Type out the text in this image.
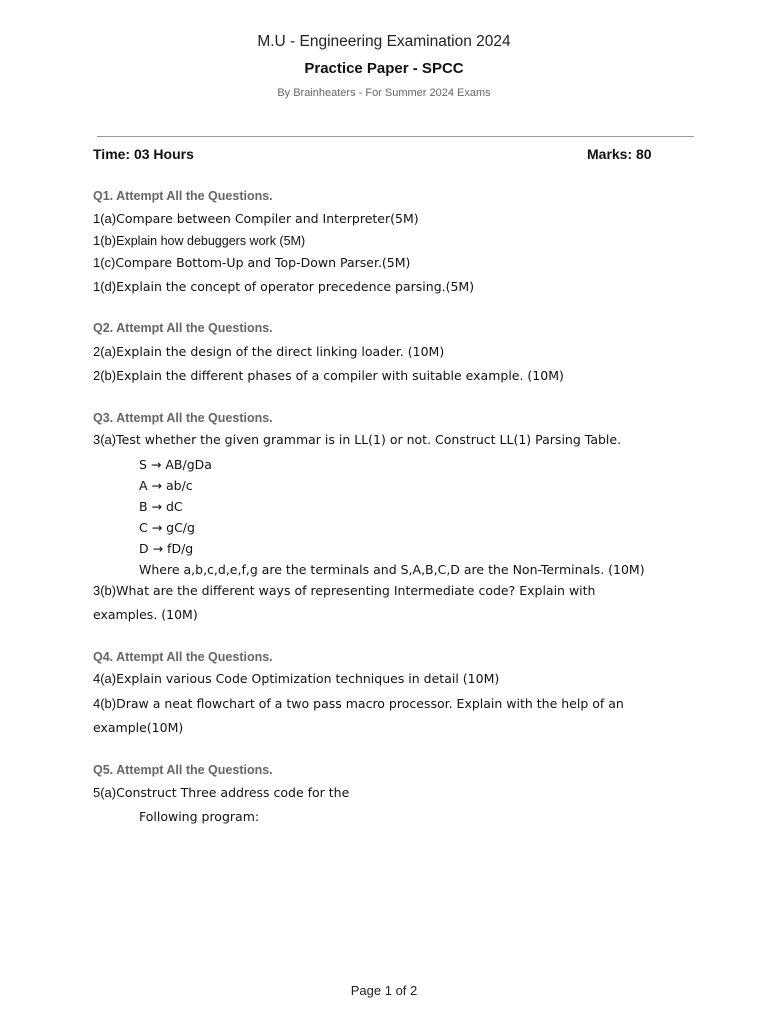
M.U - Engineering Examination 2024
Practice Paper - SPCC
By Brainheaters - For Summer 2024 Exams
Time: 03 Hours	Marks: 80
Q1. Attempt All the Questions.
1(a)Compare between Compiler and Interpreter(5M)
1(b)Explain how debuggers work (5M)
1(c)Compare Bottom-Up and Top-Down Parser.(5M)
1(d)Explain the concept of operator precedence parsing.(5M)
Q2. Attempt All the Questions.
2(a)Explain the design of the direct linking loader. (10M)
2(b)Explain the different phases of a compiler with suitable example. (10M)
Q3. Attempt All the Questions.
3(a)Test whether the given grammar is in LL(1) or not. Construct LL(1) Parsing Table.
S → AB/gDa
A → ab/c
B → dC
C → gC/g
D → fD/g
Where a,b,c,d,e,f,g are the terminals and S,A,B,C,D are the Non-Terminals. (10M)
3(b)What are the different ways of representing Intermediate code? Explain with
examples. (10M)
Q4. Attempt All the Questions.
4(a)Explain various Code Optimization techniques in detail (10M)
4(b)Draw a neat flowchart of a two pass macro processor. Explain with the help of an
example(10M)
Q5. Attempt All the Questions.
5(a)Construct Three address code for the
Following program:
Page 1 of 2
